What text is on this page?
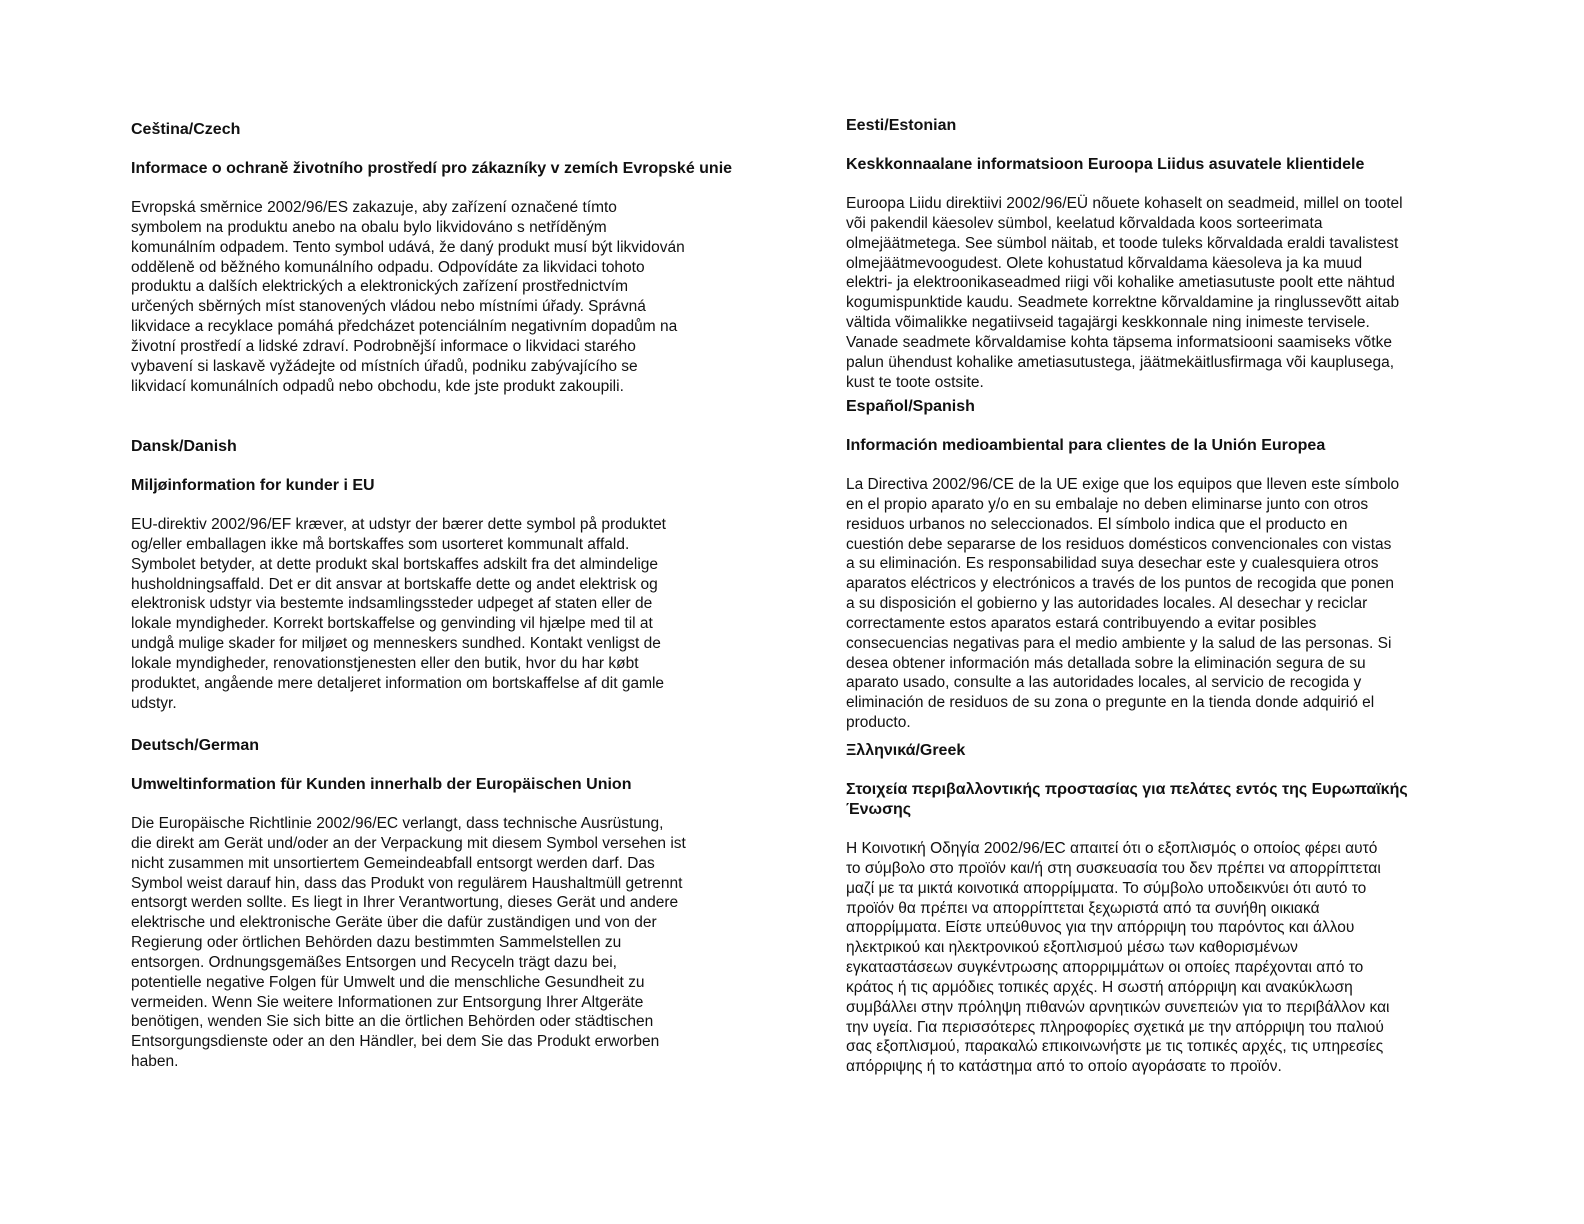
Ceština/Czech

Informace o ochraně životního prostředí pro zákazníky v zemích Evropské unie

Evropská směrnice 2002/96/ES zakazuje, aby zařízení označené tímto
symbolem na produktu anebo na obalu bylo likvidováno s netříděným
komunálním odpadem. Tento symbol udává, že daný produkt musí být likvidován
odděleně od běžného komunálního odpadu. Odpovídáte za likvidaci tohoto
produktu a dalších elektrických a elektronických zařízení prostřednictvím
určených sběrných míst stanovených vládou nebo místními úřady. Správná
likvidace a recyklace pomáhá předcházet potenciálním negativním dopadům na
životní prostředí a lidské zdraví. Podrobnější informace o likvidaci starého
vybavení si laskavě vyžádejte od místních úřadů, podniku zabývajícího se
likvidací komunálních odpadů nebo obchodu, kde jste produkt zakoupili.

Dansk/Danish

Miljøinformation for kunder i EU

EU-direktiv 2002/96/EF kræver, at udstyr der bærer dette symbol på produktet
og/eller emballagen ikke må bortskaffes som usorteret kommunalt affald.
Symbolet betyder, at dette produkt skal bortskaffes adskilt fra det almindelige
husholdningsaffald. Det er dit ansvar at bortskaffe dette og andet elektrisk og
elektronisk udstyr via bestemte indsamlingssteder udpeget af staten eller de
lokale myndigheder. Korrekt bortskaffelse og genvinding vil hjælpe med til at
undgå mulige skader for miljøet og menneskers sundhed. Kontakt venligst de
lokale myndigheder, renovationstjenesten eller den butik, hvor du har købt
produktet, angående mere detaljeret information om bortskaffelse af dit gamle
udstyr.

Deutsch/German

Umweltinformation für Kunden innerhalb der Europäischen Union

Die Europäische Richtlinie 2002/96/EC verlangt, dass technische Ausrüstung,
die direkt am Gerät und/oder an der Verpackung mit diesem Symbol versehen ist
nicht zusammen mit unsortiertem Gemeindeabfall entsorgt werden darf. Das
Symbol weist darauf hin, dass das Produkt von regulärem Haushaltmüll getrennt
entsorgt werden sollte. Es liegt in Ihrer Verantwortung, dieses Gerät und andere
elektrische und elektronische Geräte über die dafür zuständigen und von der
Regierung oder örtlichen Behörden dazu bestimmten Sammelstellen zu
entsorgen. Ordnungsgemäßes Entsorgen und Recyceln trägt dazu bei,
potentielle negative Folgen für Umwelt und die menschliche Gesundheit zu
vermeiden. Wenn Sie weitere Informationen zur Entsorgung Ihrer Altgeräte
benötigen, wenden Sie sich bitte an die örtlichen Behörden oder städtischen
Entsorgungsdienste oder an den Händler, bei dem Sie das Produkt erworben
haben.

Eesti/Estonian

Keskkonnaalane informatsioon Euroopa Liidus asuvatele klientidele

Euroopa Liidu direktiivi 2002/96/EÜ nõuete kohaselt on seadmeid, millel on tootel
või pakendil käesolev sümbol, keelatud kõrvaldada koos sorteerimata
olmejäätmetega. See sümbol näitab, et toode tuleks kõrvaldada eraldi tavalistest
olmejäätmevoogudest. Olete kohustatud kõrvaldama käesoleva ja ka muud
elektri- ja elektroonikaseadmed riigi või kohalike ametiasutuste poolt ette nähtud
kogumispunktide kaudu. Seadmete korrektne kõrvaldamine ja ringlussevõtt aitab
vältida võimalikke negatiivseid tagajärgi keskkonnale ning inimeste tervisele.
Vanade seadmete kõrvaldamise kohta täpsema informatsiooni saamiseks võtke
palun ühendust kohalike ametiasutustega, jäätmekäitlusfirmaga või kauplusega,
kust te toote ostsite.

Español/Spanish

Información medioambiental para clientes de la Unión Europea

La Directiva 2002/96/CE de la UE exige que los equipos que lleven este símbolo
en el propio aparato y/o en su embalaje no deben eliminarse junto con otros
residuos urbanos no seleccionados. El símbolo indica que el producto en
cuestión debe separarse de los residuos domésticos convencionales con vistas
a su eliminación. Es responsabilidad suya desechar este y cualesquiera otros
aparatos eléctricos y electrónicos a través de los puntos de recogida que ponen
a su disposición el gobierno y las autoridades locales. Al desechar y reciclar
correctamente estos aparatos estará contribuyendo a evitar posibles
consecuencias negativas para el medio ambiente y la salud de las personas. Si
desea obtener información más detallada sobre la eliminación segura de su
aparato usado, consulte a las autoridades locales, al servicio de recogida y
eliminación de residuos de su zona o pregunte en la tienda donde adquirió el
producto.

Ξλληνικά/Greek

Στοιχεία περιβαλλοντικής προστασίας για πελάτες εντός της Ευρωπαϊκής Ένωσης

Η Κοινοτική Οδηγία 2002/96/EC απαιτεί ότι ο εξοπλισμός ο οποίος φέρει αυτό
το σύμβολο στο προϊόν και/ή στη συσκευασία του δεν πρέπει να απορρίπτεται
μαζί με τα μικτά κοινοτικά απορρίμματα. Το σύμβολο υποδεικνύει ότι αυτό το
προϊόν θα πρέπει να απορρίπτεται ξεχωριστά από τα συνήθη οικιακά
απορρίμματα. Είστε υπεύθυνος για την απόρριψη του παρόντος και άλλου
ηλεκτρικού και ηλεκτρονικού εξοπλισμού μέσω των καθορισμένων
εγκαταστάσεων συγκέντρωσης απορριμμάτων οι οποίες παρέχονται από το
κράτος ή τις αρμόδιες τοπικές αρχές. Η σωστή απόρριψη και ανακύκλωση
συμβάλλει στην πρόληψη πιθανών αρνητικών συνεπειών για το περιβάλλον και
την υγεία. Για περισσότερες πληροφορίες σχετικά με την απόρριψη του παλιού
σας εξοπλισμού, παρακαλώ επικοινωνήστε με τις τοπικές αρχές, τις υπηρεσίες
απόρριψης ή το κατάστημα από το οποίο αγοράσατε το προϊόν.
